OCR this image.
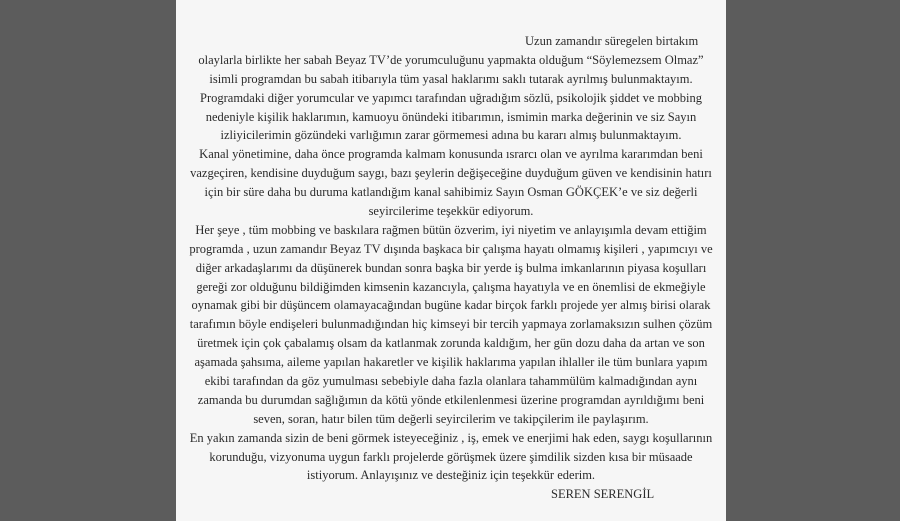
Uzun zamandır süregelen birtakım
olaylarla birlikte her sabah Beyaz TV’de yorumculuğunu yapmakta olduğum “Söylemezsem Olmaz”
isimli programdan bu sabah itibarıyla tüm yasal haklarımı saklı tutarak ayrılmış bulunmaktayım.
Programdaki diğer yorumcular ve yapımcı tarafından uğradığım sözlü, psikolojik şiddet ve mobbing
nedeniyle kişilik haklarımın, kamuoyu önündeki itibarımın, ismimin marka değerinin ve siz Sayın
izliyicilerimin gözündeki varlığımın zarar görmemesi adına bu kararı almış bulunmaktayım.
Kanal yönetimine, daha önce programda kalmam konusunda ısrarcı olan ve ayrılma kararımdan beni
vazgeçiren, kendisine duyduğum saygı, bazı şeylerin değişeceğine duyduğum güven ve kendisinin hatırı
için bir süre daha bu duruma katlandığım kanal sahibimiz Sayın Osman GÖKÇEK’e ve siz değerli
seyircilerime teşekkür ediyorum.
Her şeye , tüm mobbing ve baskılara rağmen bütün özverim, iyi niyetim ve anlayışımla devam ettiğim
programda , uzun zamandır Beyaz TV dışında başkaca bir çalışma hayatı olmamış kişileri , yapımcıyı ve
diğer arkadaşlarımı da düşünerek bundan sonra başka bir yerde iş bulma imkanlarının piyasa koşulları
gereği zor olduğunu bildiğimden kimsenin kazancıyla, çalışma hayatıyla ve en önemlisi de ekmeğiyle
oynamak gibi bir düşüncem olamayacağından bugüne kadar birçok farklı projede yer almış birisi olarak
tarafımın böyle endişeleri bulunmadığından hiç kimseyi bir tercih yapmaya zorlamaksızın sulhen çözüm
üretmek için çok çabalamış olsam da katlanmak zorunda kaldığım, her gün dozu daha da artan ve son
aşamada şahsıma, aileme yapılan hakaretler ve kişilik haklarıma yapılan ihlaller ile tüm bunlara yapım
ekibi tarafından da göz yumulması sebebiyle daha fazla olanlara tahammülüm kalmadığından aynı
zamanda bu durumdan sağlığımın da kötü yönde etkilenlenmesi üzerine programdan ayrıldığımı beni
seven, soran, hatır bilen tüm değerli seyircilerim ve takipçilerim ile paylaşırım.
En yakın zamanda sizin de beni görmek isteyeceğiniz , iş, emek ve enerjimi hak eden, saygı koşullarının
korunduğu, vizyonuma uygun farklı projelerde görüşmek üzere şimdilik sizden kısa bir müsaade
istiyorum. Anlayışınız ve desteğiniz için teşekkür ederim.
SEREN SERENGİL
